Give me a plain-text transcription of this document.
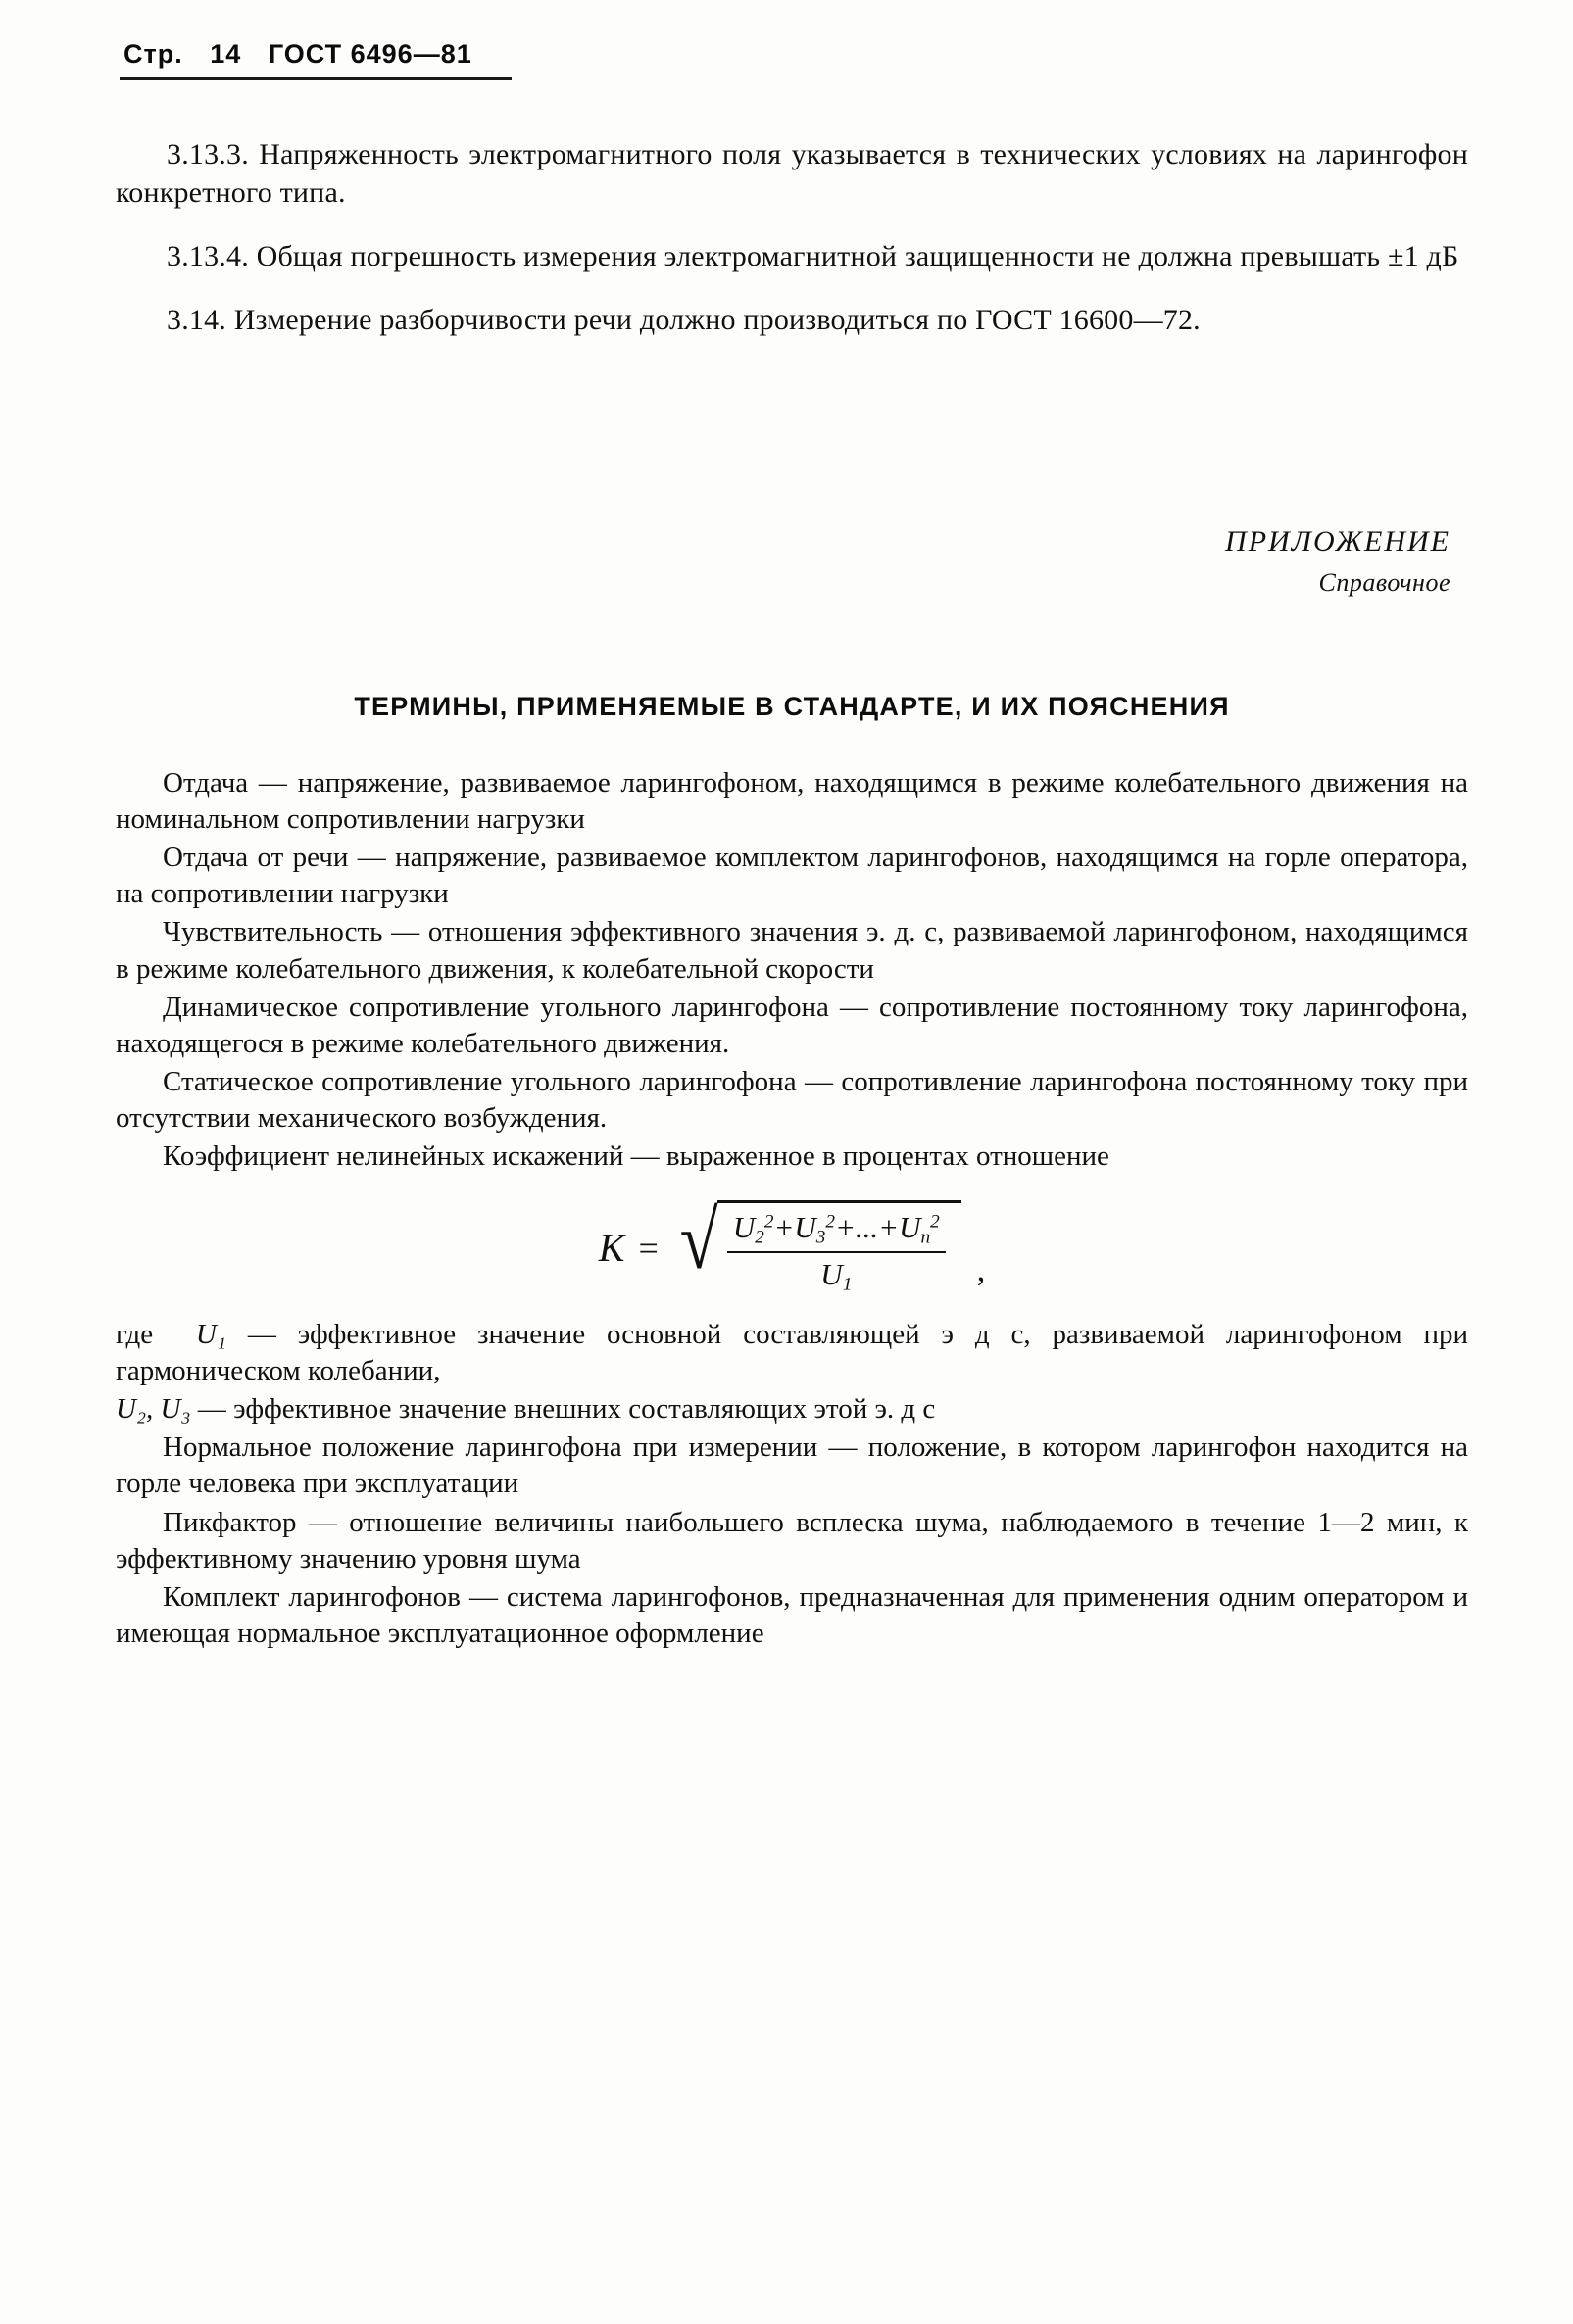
Стр. 14 ГОСТ 6496—81
3.13.3. Напряженность электромагнитного поля указывается в технических условиях на ларингофон конкретного типа.
3.13.4. Общая погрешность измерения электромагнитной защищенности не должна превышать ±1 дБ
3.14. Измерение разборчивости речи должно производиться по ГОСТ 16600—72.
ПРИЛОЖЕНИЕ
Справочное
ТЕРМИНЫ, ПРИМЕНЯЕМЫЕ В СТАНДАРТЕ, И ИХ ПОЯСНЕНИЯ
Отдача — напряжение, развиваемое ларингофоном, находящимся в режиме колебательного движения на номинальном сопротивлении нагрузки
Отдача от речи — напряжение, развиваемое комплектом ларингофонов, находящимся на горле оператора, на сопротивлении нагрузки
Чувствительность — отношения эффективного значения э. д. с, развиваемой ларингофоном, находящимся в режиме колебательного движения, к колебательной скорости
Динамическое сопротивление угольного ларингофона — сопротивление постоянному току ларингофона, находящегося в режиме колебательного движения.
Статическое сопротивление угольного ларингофона — сопротивление ларингофона постоянному току при отсутствии механического возбуждения.
Коэффициент нелинейных искажений — выраженное в процентах отношение
K = √ $\frac{U_2^2+U_3^2+...+U_n^2}{U_1}$ ,
где U₁ — эффективное значение основной составляющей э д с, развиваемой ларингофоном при гармоническом колебании,
U₂, U₃ — эффективное значение внешних составляющих этой э. д с
Нормальное положение ларингофона при измерении — положение, в котором ларингофон находится на горле человека при эксплуатации
Пикфактор — отношение величины наибольшего всплеска шума, наблюдаемого в течение 1—2 мин, к эффективному значению уровня шума
Комплект ларингофонов — система ларингофонов, предназначенная для применения одним оператором и имеющая нормальное эксплуатационное оформление
